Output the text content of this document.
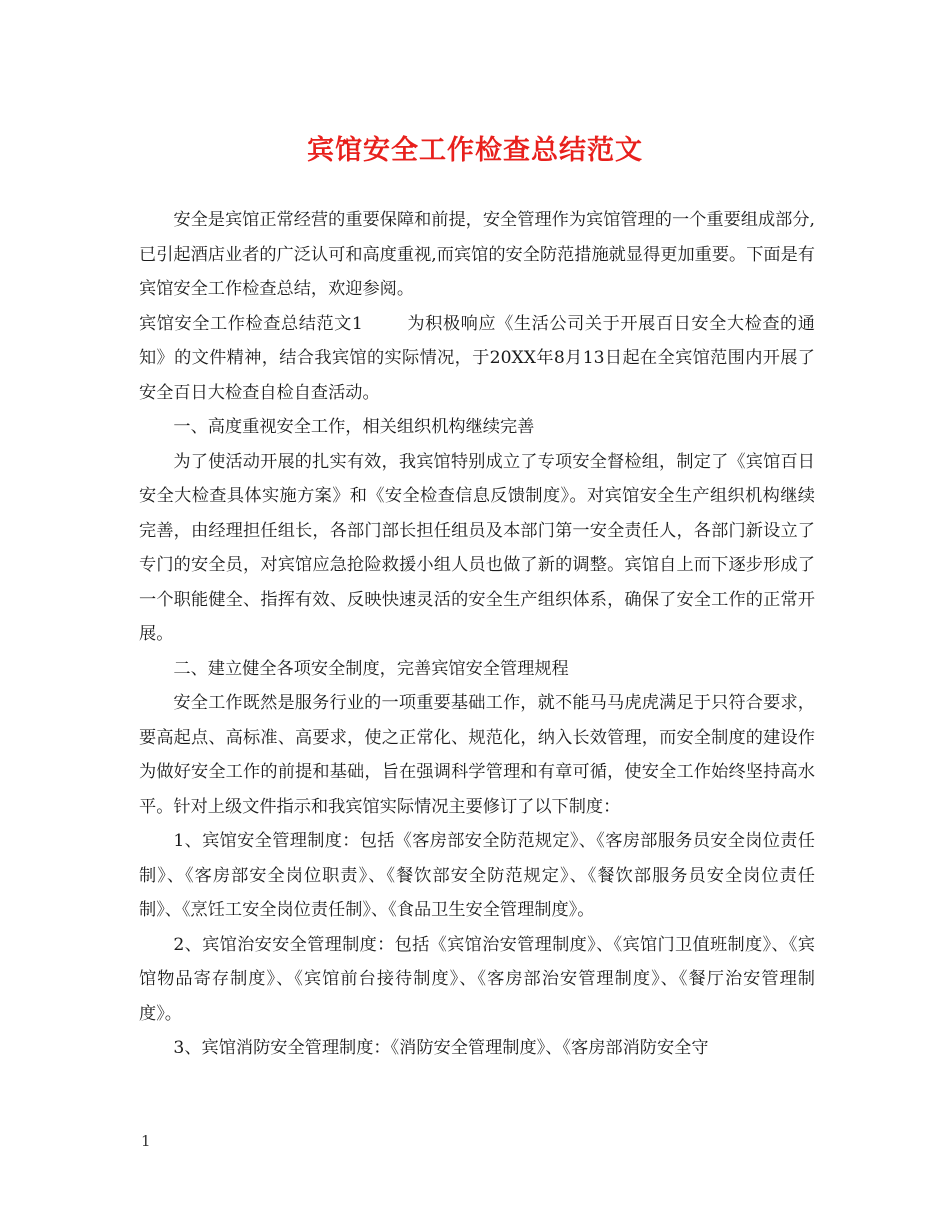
宾馆安全工作检查总结范文

安全是宾馆正常经营的重要保障和前提，安全管理作为宾馆管理的一个重要组成部分,已引起酒店业者的广泛认可和高度重视,而宾馆的安全防范措施就显得更加重要。下面是有宾馆安全工作检查总结，欢迎参阅。

宾馆安全工作检查总结范文1	为积极响应《生活公司关于开展百日安全大检查的通知》的文件精神，结合我宾馆的实际情况，于20XX年8月13日起在全宾馆范围内开展了安全百日大检查自检自查活动。

一、高度重视安全工作，相关组织机构继续完善

为了使活动开展的扎实有效，我宾馆特别成立了专项安全督检组，制定了《宾馆百日安全大检查具体实施方案》和《安全检查信息反馈制度》。对宾馆安全生产组织机构继续完善，由经理担任组长，各部门部长担任组员及本部门第一安全责任人，各部门新设立了专门的安全员，对宾馆应急抢险救援小组人员也做了新的调整。宾馆自上而下逐步形成了一个职能健全、指挥有效、反映快速灵活的安全生产组织体系，确保了安全工作的正常开展。

二、建立健全各项安全制度，完善宾馆安全管理规程

安全工作既然是服务行业的一项重要基础工作，就不能马马虎虎满足于只符合要求，要高起点、高标准、高要求，使之正常化、规范化，纳入长效管理，而安全制度的建设作为做好安全工作的前提和基础，旨在强调科学管理和有章可循，使安全工作始终坚持高水平。针对上级文件指示和我宾馆实际情况主要修订了以下制度：

1、宾馆安全管理制度：包括《客房部安全防范规定》、《客房部服务员安全岗位责任制》、《客房部安全岗位职责》、《餐饮部安全防范规定》、《餐饮部服务员安全岗位责任制》、《烹饪工安全岗位责任制》、《食品卫生安全管理制度》。

2、宾馆治安安全管理制度：包括《宾馆治安管理制度》、《宾馆门卫值班制度》、《宾馆物品寄存制度》、《宾馆前台接待制度》、《客房部治安管理制度》、《餐厅治安管理制度》。

3、宾馆消防安全管理制度：《消防安全管理制度》、《客房部消防安全守

1
